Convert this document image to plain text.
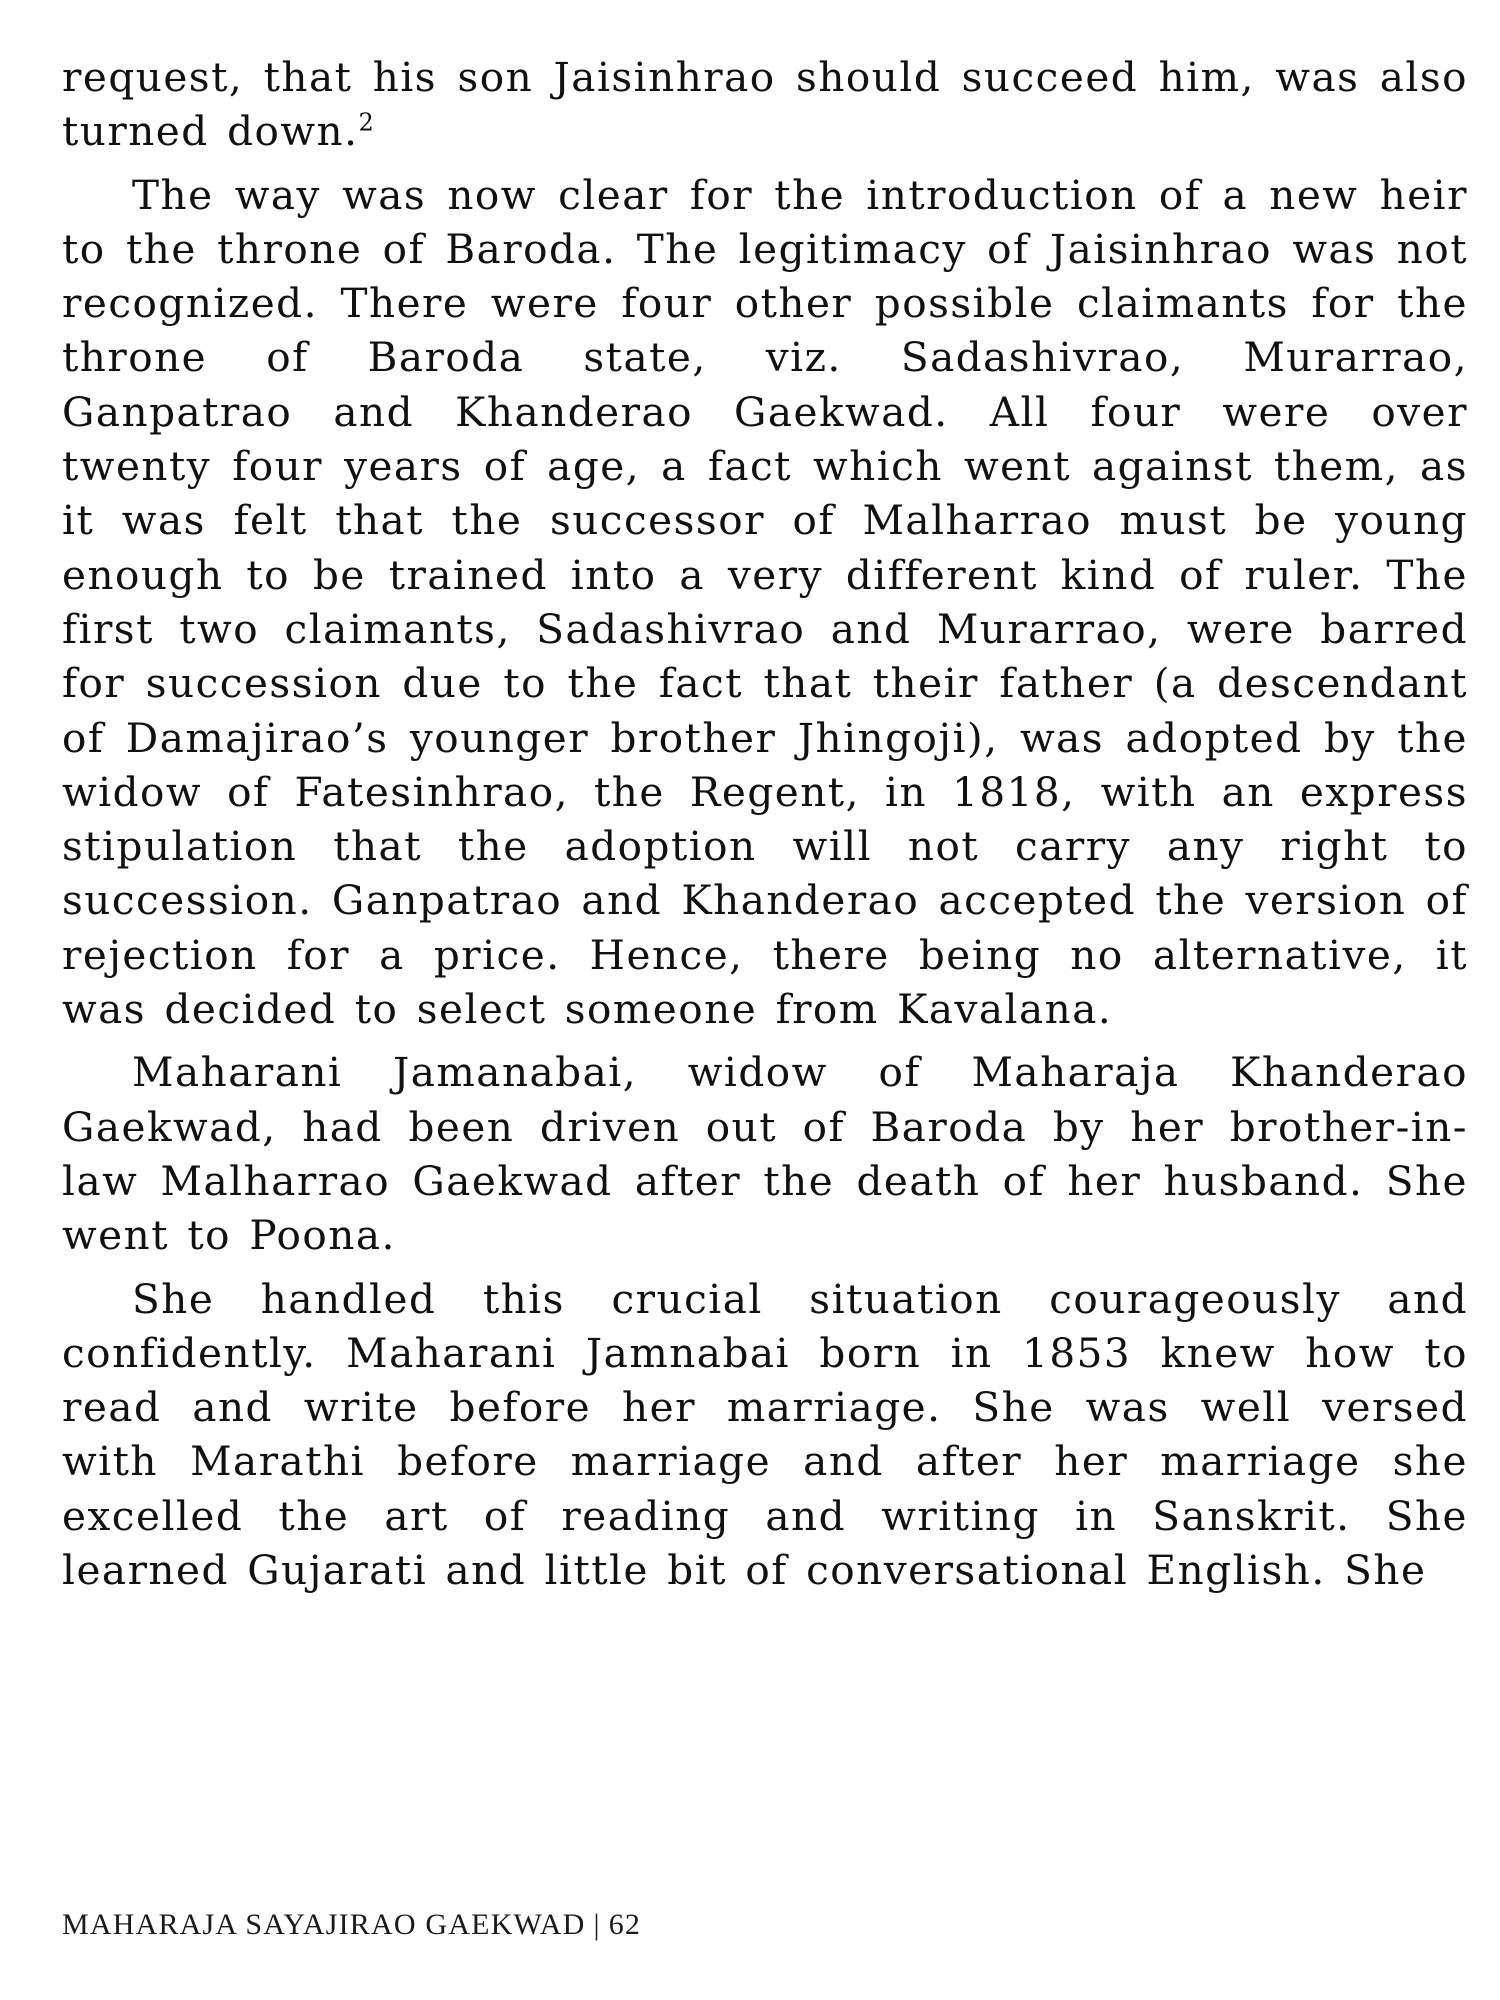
request, that his son Jaisinhrao should succeed him, was also turned down.$^2$

The way was now clear for the introduction of a new heir to the throne of Baroda. The legitimacy of Jaisinhrao was not recognized. There were four other possible claimants for the throne of Baroda state, viz. Sadashivrao, Murarrao, Ganpatrao and Khanderao Gaekwad. All four were over twenty four years of age, a fact which went against them, as it was felt that the successor of Malharrao must be young enough to be trained into a very different kind of ruler. The first two claimants, Sadashivrao and Murarrao, were barred for succession due to the fact that their father (a descendant of Damajirao’s younger brother Jhingoji), was adopted by the widow of Fatesinhrao, the Regent, in 1818, with an express stipulation that the adoption will not carry any right to succession. Ganpatrao and Khanderao accepted the version of rejection for a price. Hence, there being no alternative, it was decided to select someone from Kavalana.

Maharani Jamanabai, widow of Maharaja Khanderao Gaekwad, had been driven out of Baroda by her brother-in-law Malharrao Gaekwad after the death of her husband. She went to Poona.

She handled this crucial situation courageously and confidently. Maharani Jamnabai born in 1853 knew how to read and write before her marriage. She was well versed with Marathi before marriage and after her marriage she excelled the art of reading and writing in Sanskrit. She learned Gujarati and little bit of conversational English. She

MAHARAJA SAYAJIRAO GAEKWAD | 62
